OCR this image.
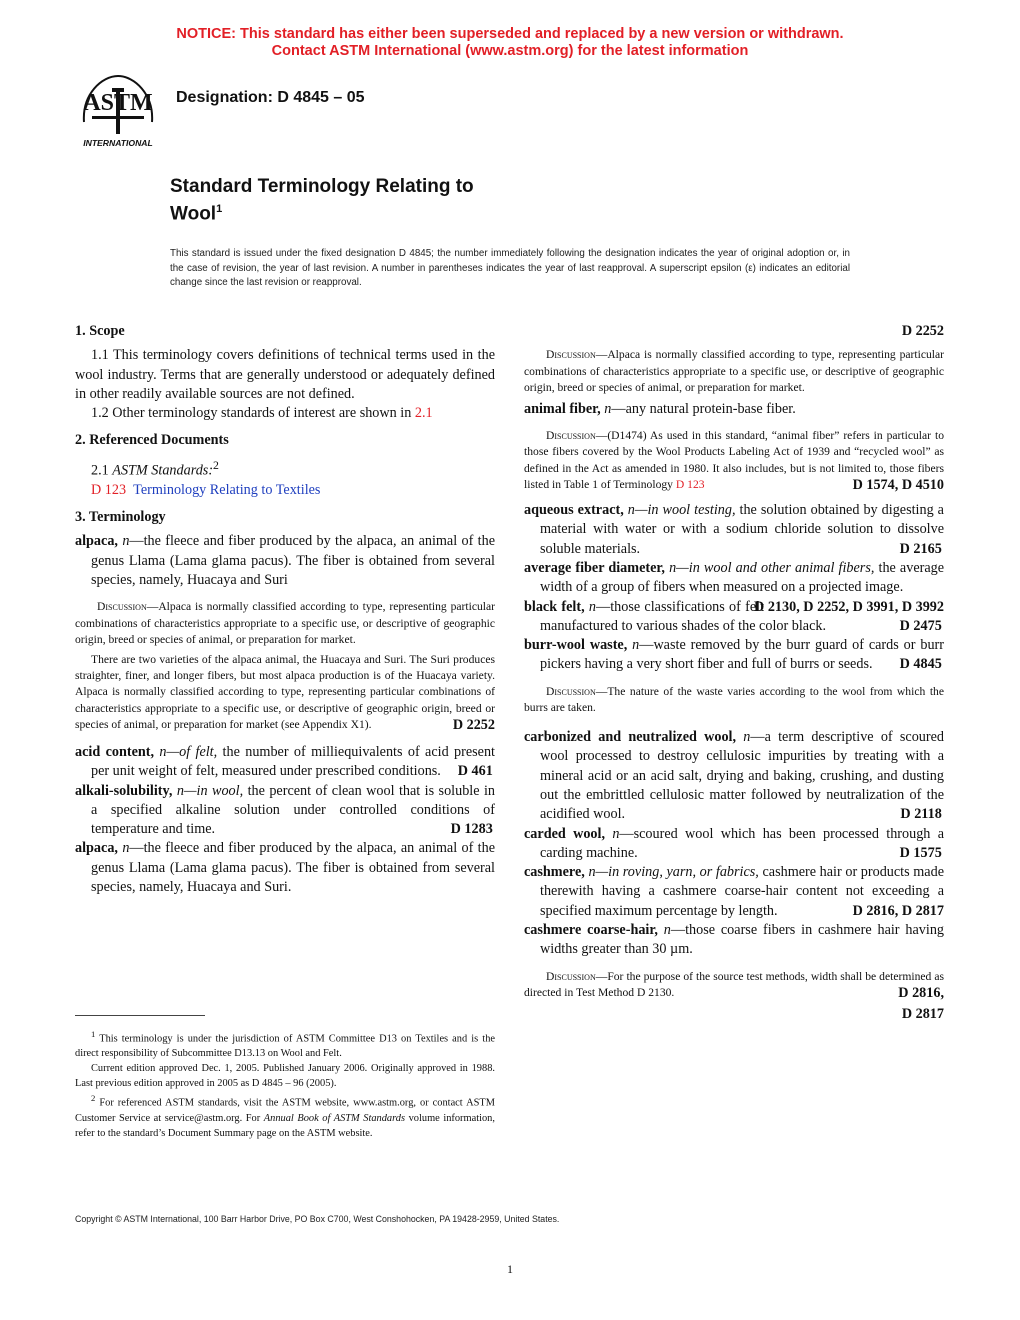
NOTICE: This standard has either been superseded and replaced by a new version or withdrawn.
Contact ASTM International (www.astm.org) for the latest information
ASTM
INTERNATIONAL
Designation: D 4845 – 05
Standard Terminology Relating to
Wool$^1$
This standard is issued under the fixed designation D 4845; the number immediately following the designation indicates the year of original adoption or, in the case of revision, the year of last revision. A number in parentheses indicates the year of last reapproval. A superscript epsilon (ε) indicates an editorial change since the last revision or reapproval.

1. Scope

1.1 This terminology covers definitions of technical terms used in the wool industry. Terms that are generally understood or adequately defined in other readily available sources are not defined.

1.2 Other terminology standards of interest are shown in 2.1

2. Referenced Documents

2.1 ASTM Standards:$^2$

D 123 Terminology Relating to Textiles

3. Terminology

alpaca, n—the fleece and fiber produced by the alpaca, an animal of the genus Llama (Lama glama pacus). The fiber is obtained from several species, namely, Huacaya and Suri

Discussion—Alpaca is normally classified according to type, representing particular combinations of characteristics appropriate to a specific use, or descriptive of geographic origin, breed or species of animal, or preparation for market.

There are two varieties of the alpaca animal, the Huacaya and Suri. The Suri produces straighter, finer, and longer fibers, but most alpaca production is of the Huacaya variety. Alpaca is normally classified according to type, representing particular combinations of characteristics appropriate to a specific use, or descriptive of geographic origin, breed or species of animal, or preparation for market (see Appendix X1).	D 2252

acid content, n—of felt, the number of milliequivalents of acid present per unit weight of felt, measured under prescribed conditions. D 461

alkali-solubility, n—in wool, the percent of clean wool that is soluble in a specified alkaline solution under controlled conditions of temperature and time.	D 1283

alpaca, n—the fleece and fiber produced by the alpaca, an animal of the genus Llama (Lama glama pacus). The fiber is obtained from several species, namely, Huacaya and Suri.

D 2252

Discussion—Alpaca is normally classified according to type, representing particular combinations of characteristics appropriate to a specific use, or descriptive of geographic origin, breed or species of animal, or preparation for market.

animal fiber, n—any natural protein-base fiber.

Discussion—(D1474) As used in this standard, “animal fiber” refers in particular to those fibers covered by the Wool Products Labeling Act of 1939 and “recycled wool” as defined in the Act as amended in 1980. It also includes, but is not limited to, those fibers listed in Table 1 of Terminology D 123	D 1574, D 4510

aqueous extract, n—in wool testing, the solution obtained by digesting a material with water or with a sodium chloride solution to dissolve soluble materials.	D 2165

average fiber diameter, n—in wool and other animal fibers, the average width of a group of fibers when measured on a projected image.
D 2130, D 2252, D 3991, D 3992

black felt, n—those classifications of felt manufactured to various shades of the color black.	D 2475

burr-wool waste, n—waste removed by the burr guard of cards or burr pickers having a very short fiber and full of burrs or seeds. D 4845

Discussion—The nature of the waste varies according to the wool from which the burrs are taken.

carbonized and neutralized wool, n—a term descriptive of scoured wool processed to destroy cellulosic impurities by treating with a mineral acid or an acid salt, drying and baking, crushing, and dusting out the embrittled cellulosic matter followed by neutralization of the acidified wool.	D 2118

carded wool, n—scoured wool which has been processed through a carding machine.	D 1575

cashmere, n—in roving, yarn, or fabrics, cashmere hair or products made therewith having a cashmere coarse-hair content not exceeding a specified maximum percentage by length.	D 2816, D 2817

cashmere coarse-hair, n—those coarse fibers in cashmere hair having widths greater than 30 µm.

Discussion—For the purpose of the source test methods, width shall be determined as directed in Test Method D 2130.	D 2816,

D 2817

$^1$ This terminology is under the jurisdiction of ASTM Committee D13 on Textiles and is the direct responsibility of Subcommittee D13.13 on Wool and Felt.

Current edition approved Dec. 1, 2005. Published January 2006. Originally approved in 1988. Last previous edition approved in 2005 as D 4845 – 96 (2005).

$^2$ For referenced ASTM standards, visit the ASTM website, www.astm.org, or contact ASTM Customer Service at service@astm.org. For Annual Book of ASTM Standards volume information, refer to the standard’s Document Summary page on the ASTM website.

Copyright © ASTM International, 100 Barr Harbor Drive, PO Box C700, West Conshohocken, PA 19428-2959, United States.
1
